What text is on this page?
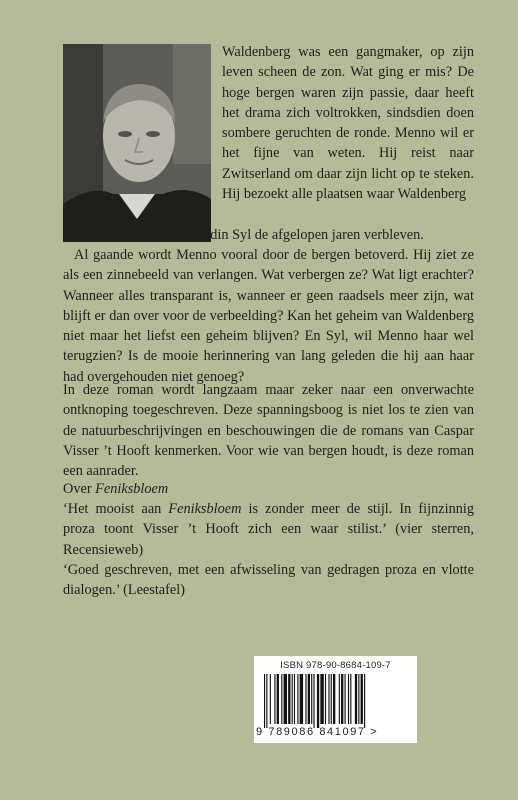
Waldenberg was een gangmaker, op zijn leven scheen de zon. Wat ging er mis? De hoge bergen waren zijn passie, daar heeft het drama zich voltrokken, sindsdien doen sombere geruchten de ronde. Menno wil er het fijne van weten. Hij reist naar Zwitserland om daar zijn licht op te steken. Hij bezoekt alle plaatsen waar Waldenberg
en zijn fascinerende vriendin Syl de afgelopen jaren verbleven.
Al gaande wordt Menno vooral door de bergen betoverd. Hij ziet ze als een zinnebeeld van verlangen. Wat verbergen ze? Wat ligt erachter? Wanneer alles transparant is, wanneer er geen raadsels meer zijn, wat blijft er dan over voor de verbeelding? Kan het geheim van Waldenberg niet maar het liefst een geheim blijven? En Syl, wil Menno haar wel terugzien? Is de mooie herinnering van lang geleden die hij aan haar had overgehouden niet genoeg?
In deze roman wordt langzaam maar zeker naar een onverwachte ontknoping toegeschreven. Deze spanningsboog is niet los te zien van de natuurbeschrijvingen en beschouwingen die de romans van Caspar Visser ’t Hooft kenmerken. Voor wie van bergen houdt, is deze roman een aanrader.
Over Feniksbloem
‘Het mooist aan Feniksbloem is zonder meer de stijl. In fijnzinnig proza toont Visser ’t Hooft zich een waar stilist.’ (vier sterren, Recensieweb)
‘Goed geschreven, met een afwisseling van gedragen proza en vlotte dialogen.’ (Leestafel)
ISBN 978-90-8684-109-7
9 789086 841097 >
